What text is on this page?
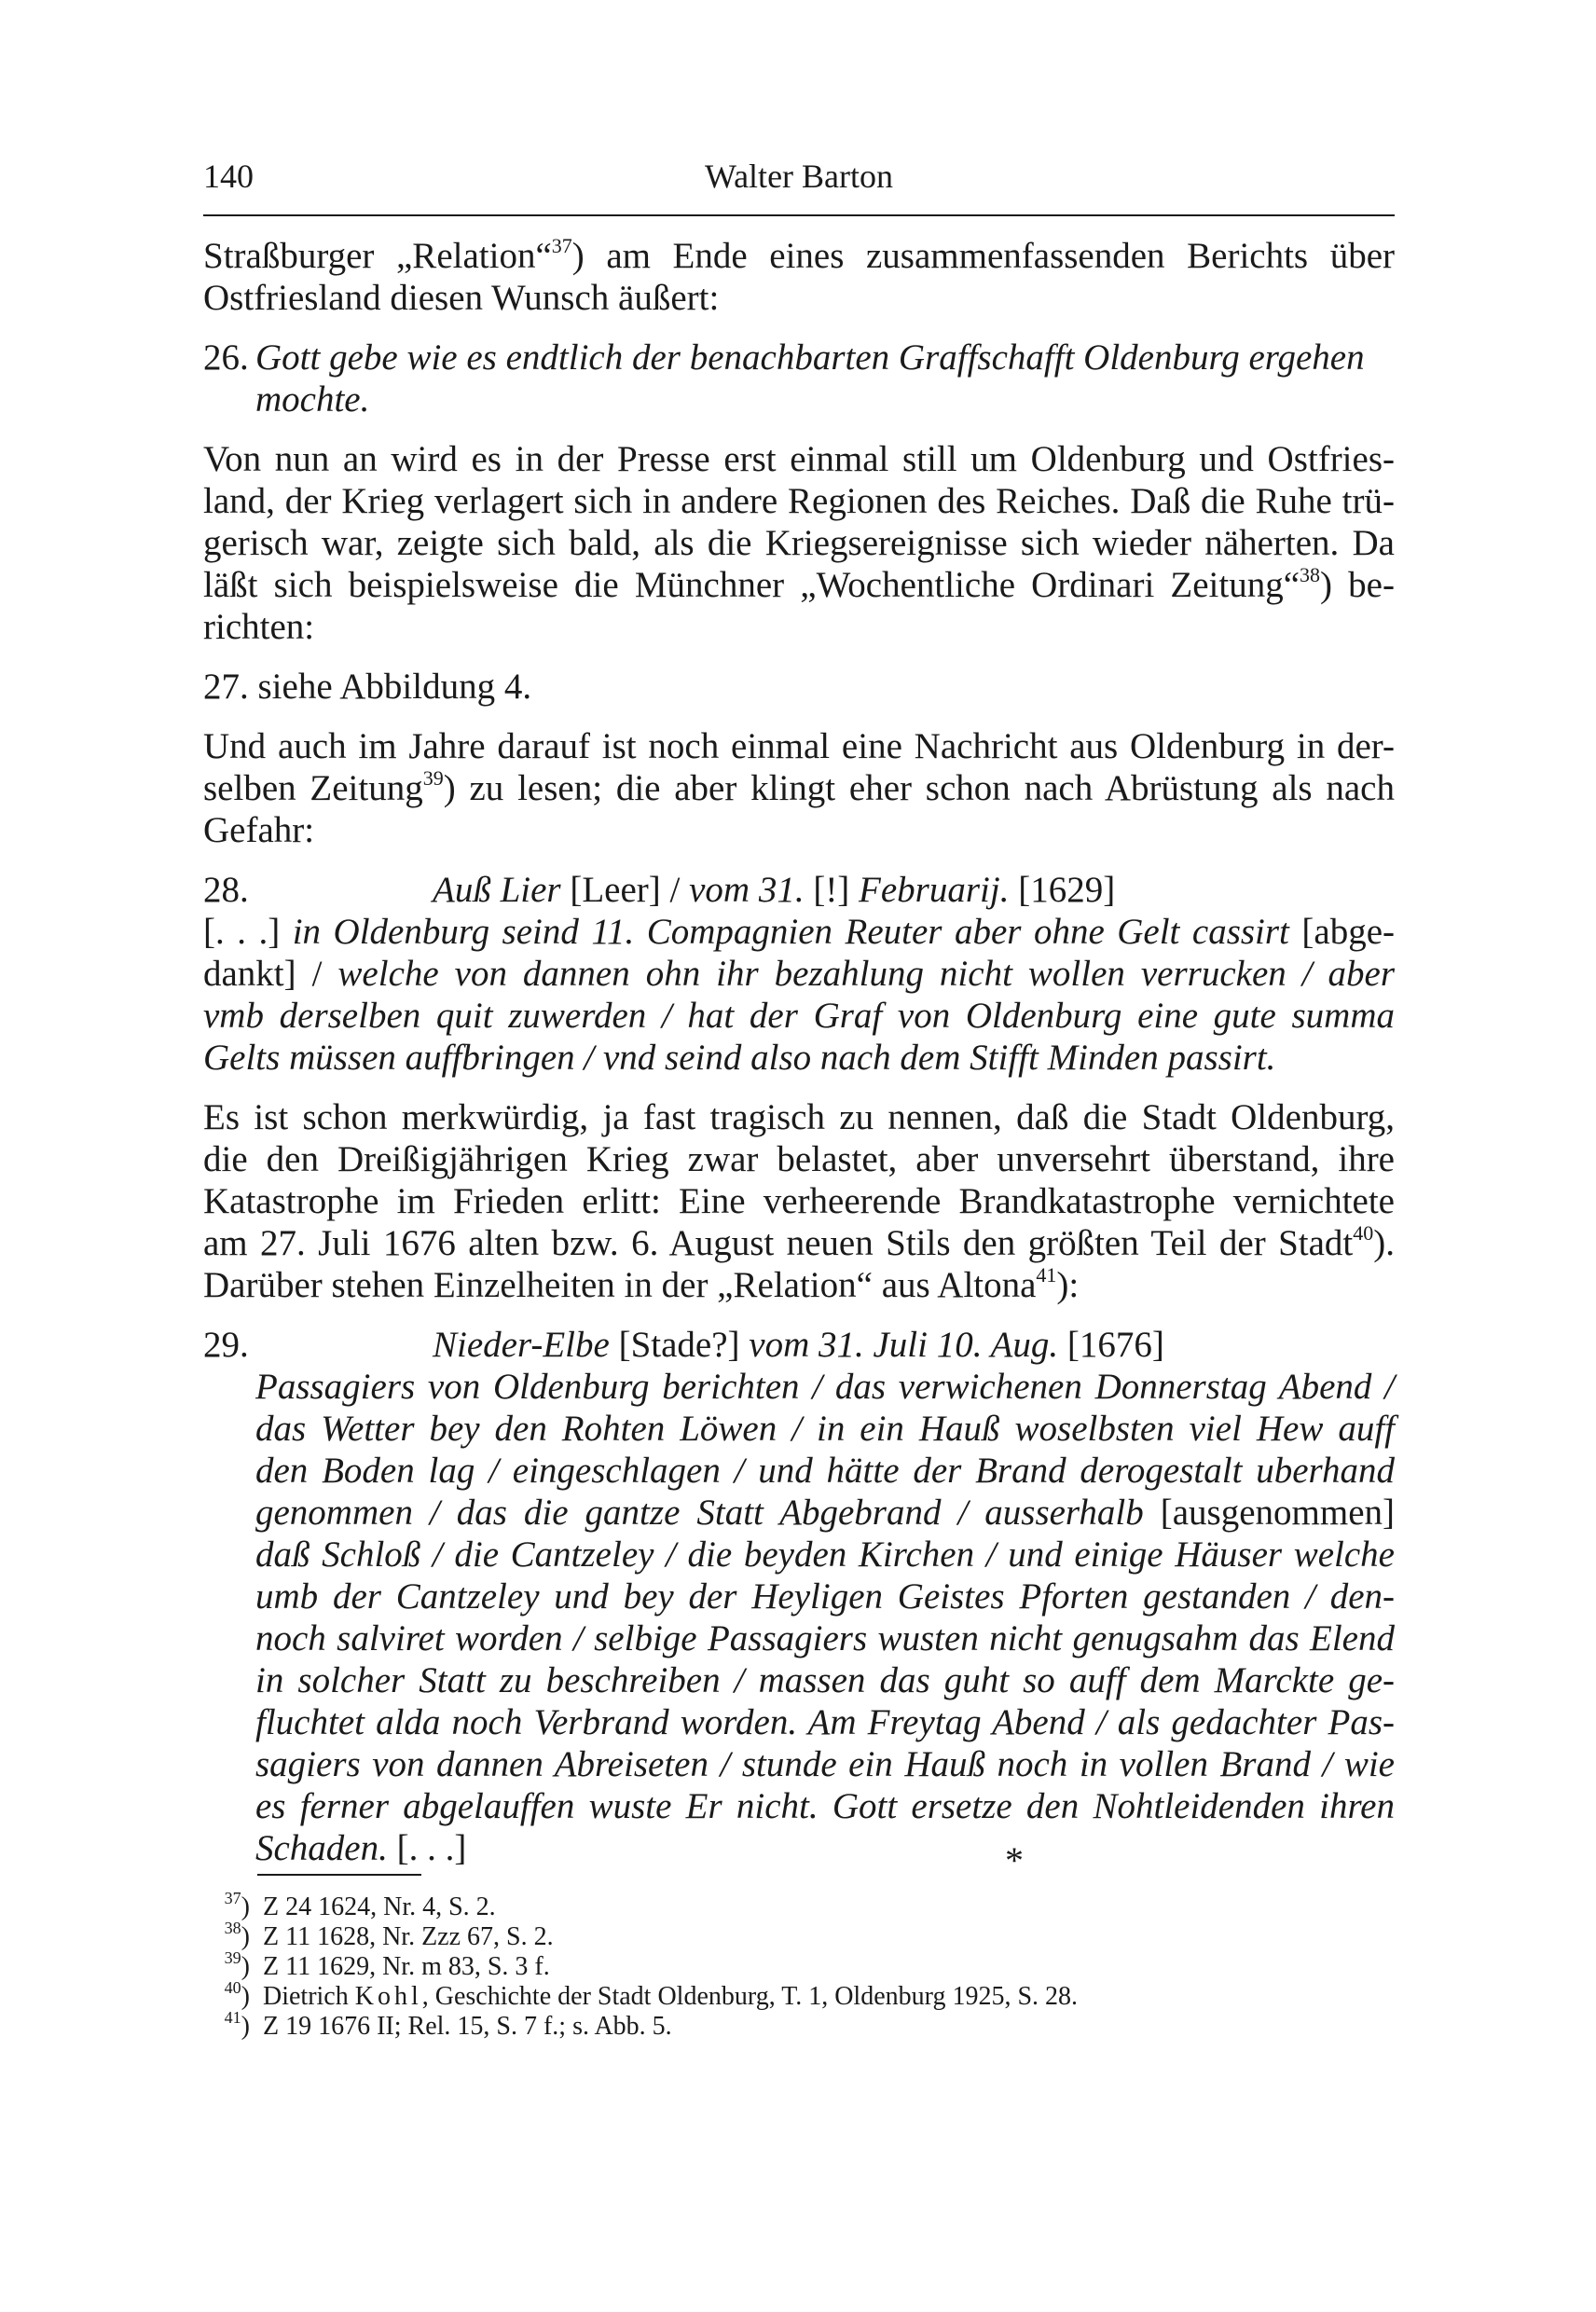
140	Walter Barton
Straßburger „Relation“$^{37}$) am Ende eines zusammenfassenden Berichts über
Ostfriesland diesen Wunsch äußert:
26. Gott gebe wie es endtlich der benachbarten Graffschafft Oldenburg ergehen
mochte.
Von nun an wird es in der Presse erst einmal still um Oldenburg und Ostfries-
land, der Krieg verlagert sich in andere Regionen des Reiches. Daß die Ruhe trü-
gerisch war, zeigte sich bald, als die Kriegsereignisse sich wieder näherten. Da
läßt sich beispielsweise die Münchner „Wochentliche Ordinari Zeitung“$^{38}$) be-
richten:
27. siehe Abbildung 4.
Und auch im Jahre darauf ist noch einmal eine Nachricht aus Oldenburg in der-
selben Zeitung$^{39}$) zu lesen; die aber klingt eher schon nach Abrüstung als nach
Gefahr:
28.	Auß Lier [Leer] / vom 31. [!] Februarij. [1629]
[. . .] in Oldenburg seind 11. Compagnien Reuter aber ohne Gelt cassirt [abge-
dankt] / welche von dannen ohn ihr bezahlung nicht wollen verrucken / aber
vmb derselben quit zuwerden / hat der Graf von Oldenburg eine gute summa
Gelts müssen auffbringen / vnd seind also nach dem Stifft Minden passirt.
Es ist schon merkwürdig, ja fast tragisch zu nennen, daß die Stadt Oldenburg,
die den Dreißigjährigen Krieg zwar belastet, aber unversehrt überstand, ihre
Katastrophe im Frieden erlitt: Eine verheerende Brandkatastrophe vernichtete
am 27. Juli 1676 alten bzw. 6. August neuen Stils den größten Teil der Stadt$^{40}$).
Darüber stehen Einzelheiten in der „Relation“ aus Altona$^{41}$):
29.	Nieder-Elbe [Stade?] vom 31. Juli 10. Aug. [1676]
Passagiers von Oldenburg berichten / das verwichenen Donnerstag Abend /
das Wetter bey den Rohten Löwen / in ein Hauß woselbsten viel Hew auff
den Boden lag / eingeschlagen / und hätte der Brand derogestalt uberhand
genommen / das die gantze Statt Abgebrand / ausserhalb [ausgenommen]
daß Schloß / die Cantzeley / die beyden Kirchen / und einige Häuser welche
umb der Cantzeley und bey der Heyligen Geistes Pforten gestanden / den-
noch salviret worden / selbige Passagiers wusten nicht genugsahm das Elend
in solcher Statt zu beschreiben / massen das guht so auff dem Marckte ge-
fluchtet alda noch Verbrand worden. Am Freytag Abend / als gedachter Pas-
sagiers von dannen Abreiseten / stunde ein Hauß noch in vollen Brand / wie
es ferner abgelauffen wuste Er nicht. Gott ersetze den Nohtleidenden ihren
Schaden. [. . .]	*
$^{37}$) Z 24 1624, Nr. 4, S. 2.
$^{38}$) Z 11 1628, Nr. Zzz 67, S. 2.
$^{39}$) Z 11 1629, Nr. m 83, S. 3 f.
$^{40}$) Dietrich Kohl, Geschichte der Stadt Oldenburg, T. 1, Oldenburg 1925, S. 28.
$^{41}$) Z 19 1676 II; Rel. 15, S. 7 f.; s. Abb. 5.
